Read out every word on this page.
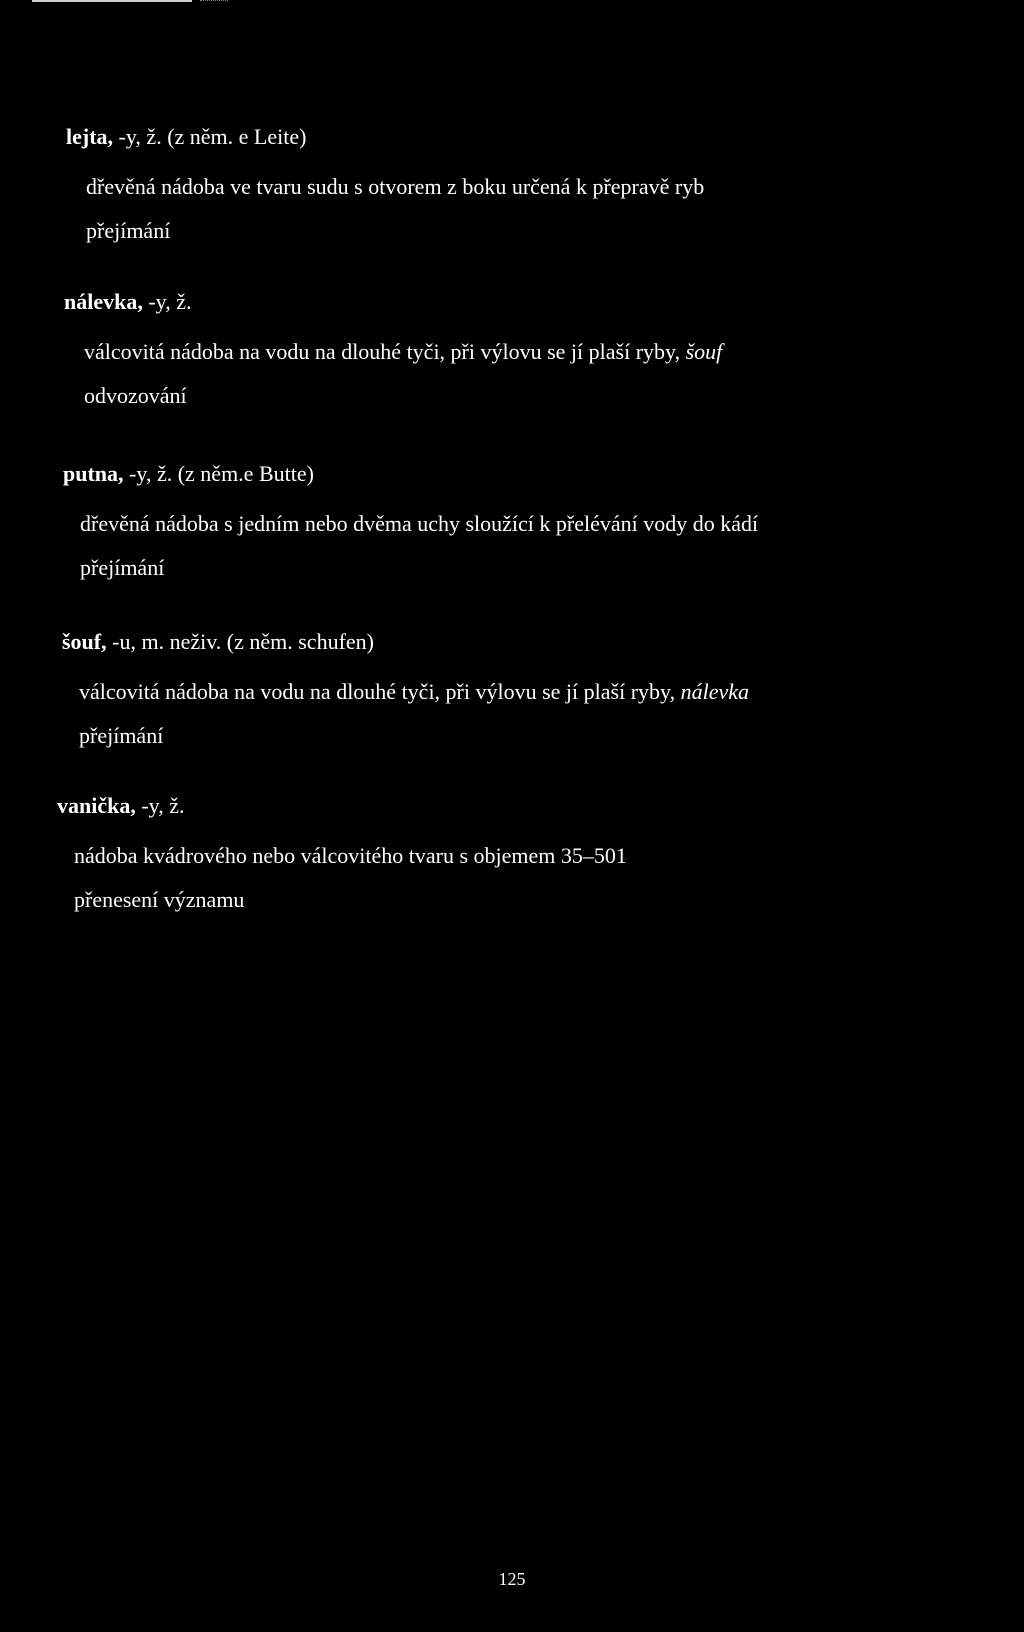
lejta, -y, ž. (z něm. e Leite)
dřevěná nádoba ve tvaru sudu s otvorem z boku určená k přepravě ryb
přejímání
nálevka, -y, ž.
válcovitá nádoba na vodu na dlouhé tyči, při výlovu se jí plaší ryby, šouf
odvozování
putna, -y, ž. (z něm.e Butte)
dřevěná nádoba s jedním nebo dvěma uchy sloužící k přelévání vody do kádí
přejímání
šouf, -u, m. neživ. (z něm. schufen)
válcovitá nádoba na vodu na dlouhé tyči, při výlovu se jí plaší ryby, nálevka
přejímání
vanička, -y, ž.
nádoba kvádrového nebo válcovitého tvaru s objemem 35–501
přenesení významu
125
